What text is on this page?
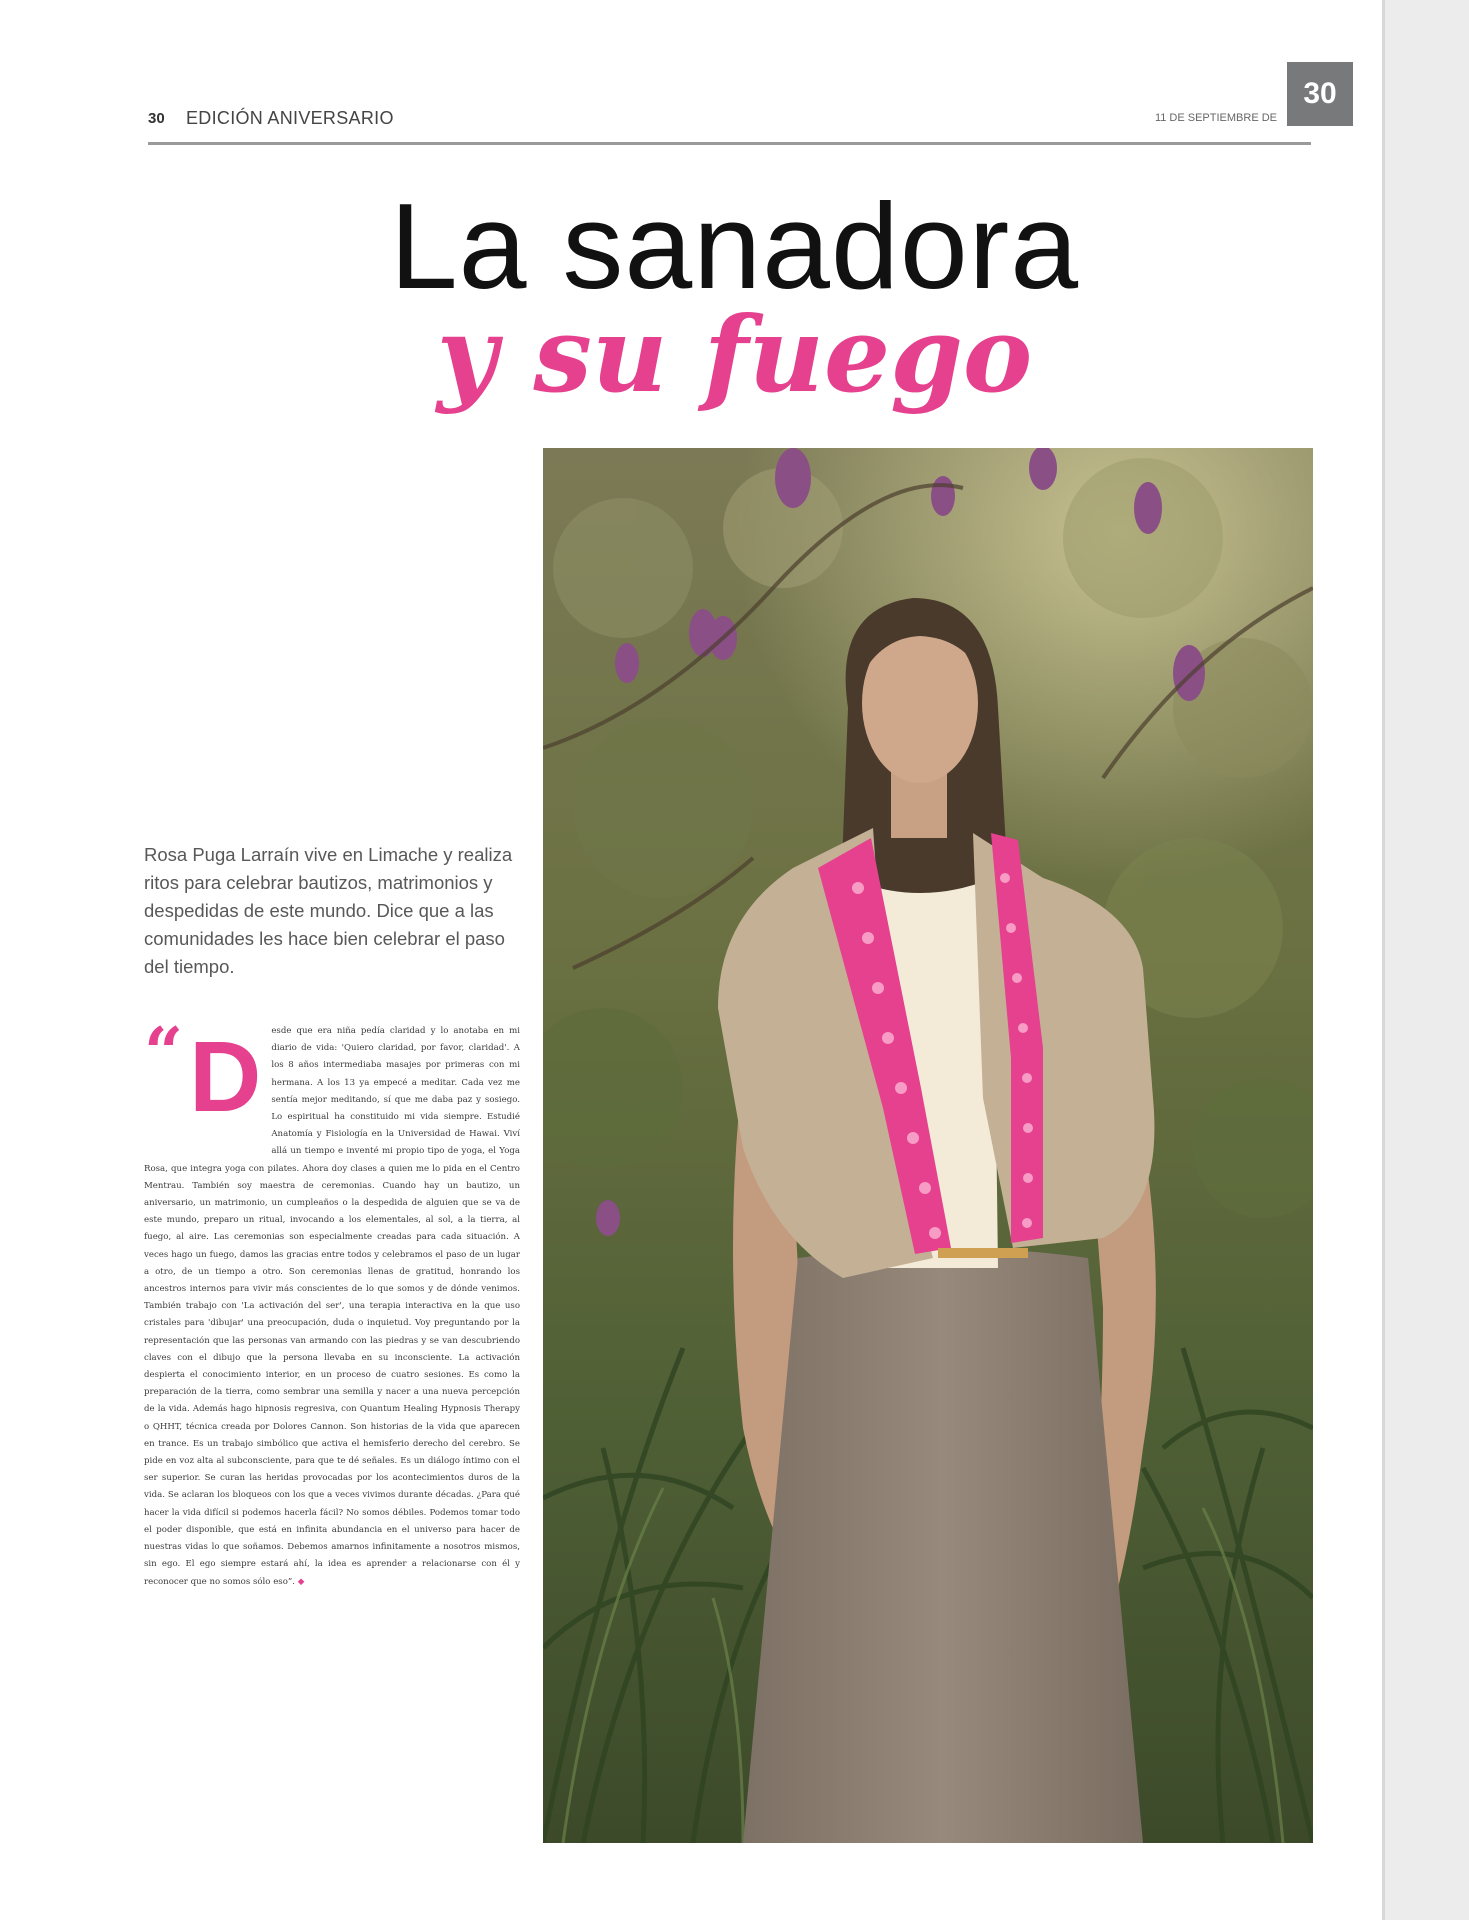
30
30 EDICIÓN ANIVERSARIO	11 DE SEPTIEMBRE DE
La sanadora
y su fuego

Rosa Puga Larraín vive en Limache y realiza ritos para celebrar bautizos, matrimonios y despedidas de este mundo. Dice que a las comunidades les hace bien celebrar el paso del tiempo.

“ D esde que era niña pedía claridad y lo anotaba en mi diario de vida: 'Quiero claridad, por favor, claridad'. A los 8 años intermediaba masajes por primeras con mi hermana. A los 13 ya empecé a meditar. Cada vez me sentía mejor meditando, sí que me daba paz y sosiego. Lo espiritual ha constituido mi vida siempre. Estudié Anatomía y Fisiología en la Universidad de Hawai. Viví allá un tiempo e inventé mi propio tipo de yoga, el Yoga Rosa, que integra yoga con pilates. Ahora doy clases a quien me lo pida en el Centro Mentrau. También soy maestra de ceremonias. Cuando hay un bautizo, un aniversario, un matrimonio, un cumpleaños o la despedida de alguien que se va de este mundo, preparo un ritual, invocando a los elementales, al sol, a la tierra, al fuego, al aire. Las ceremonias son especialmente creadas para cada situación. A veces hago un fuego, damos las gracias entre todos y celebramos el paso de un lugar a otro, de un tiempo a otro. Son ceremonias llenas de gratitud, honrando los ancestros internos para vivir más conscientes de lo que somos y de dónde venimos. También trabajo con 'La activación del ser', una terapia interactiva en la que uso cristales para 'dibujar' una preocupación, duda o inquietud. Voy preguntando por la representación que las personas van armando con las piedras y se van descubriendo claves con el dibujo que la persona llevaba en su inconsciente. La activación despierta el conocimiento interior, en un proceso de cuatro sesiones. Es como la preparación de la tierra, como sembrar una semilla y nacer a una nueva percepción de la vida. Además hago hipnosis regresiva, con Quantum Healing Hypnosis Therapy o QHHT, técnica creada por Dolores Cannon. Son historias de la vida que aparecen en trance. Es un trabajo simbólico que activa el hemisferio derecho del cerebro. Se pide en voz alta al subconsciente, para que te dé señales. Es un diálogo íntimo con el ser superior. Se curan las heridas provocadas por los acontecimientos duros de la vida. Se aclaran los bloqueos con los que a veces vivimos durante décadas. ¿Para qué hacer la vida difícil si podemos hacerla fácil? No somos débiles. Podemos tomar todo el poder disponible, que está en infinita abundancia en el universo para hacer de nuestras vidas lo que soñamos. Debemos amarnos infinitamente a nosotros mismos, sin ego. El ego siempre estará ahí, la idea es aprender a relacionarse con él y reconocer que no somos sólo eso”. ◆
